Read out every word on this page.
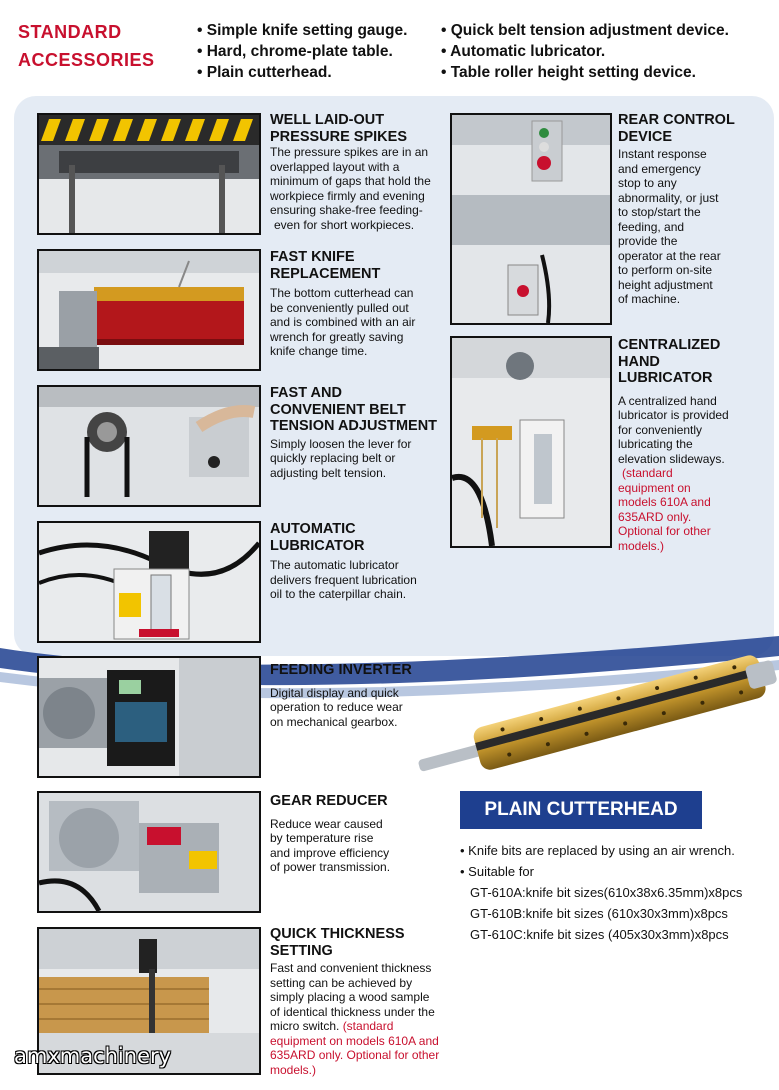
STANDARD
ACCESSORIES
• Simple knife setting gauge.
• Hard, chrome-plate table.
• Plain cutterhead.
• Quick belt tension adjustment device.
• Automatic lubricator.
• Table roller height setting device.
WELL LAID-OUT
PRESSURE SPIKES
The pressure spikes are in an
overlapped layout with a
minimum of gaps that hold the
workpiece firmly and evening
ensuring shake-free feeding-
even for short workpieces.
FAST KNIFE
REPLACEMENT
The bottom cutterhead can
be conveniently pulled out
and is combined with an air
wrench for greatly saving
knife change time.
FAST AND
CONVENIENT BELT
TENSION ADJUSTMENT
Simply loosen the lever for
quickly replacing belt or
adjusting belt tension.
AUTOMATIC
LUBRICATOR
The automatic lubricator
delivers frequent lubrication
oil to the caterpillar chain.
FEEDING INVERTER
Digital display and quick
operation to reduce wear
on mechanical gearbox.
GEAR REDUCER
Reduce wear caused
by temperature rise
and improve efficiency
of power transmission.
QUICK THICKNESS
SETTING
Fast and convenient thickness
setting can be achieved by
simply placing a wood sample
of identical thickness under the
micro switch. (standard
equipment on models 610A and
635ARD only. Optional for other
models.)
REAR CONTROL
DEVICE
Instant response
and emergency
stop to any
abnormality, or just
to stop/start the
feeding, and
provide the
operator at the rear
to perform on-site
height adjustment
of machine.
CENTRALIZED
HAND
LUBRICATOR
A centralized hand
lubricator is provided
for conveniently
lubricating the
elevation slideways.
(standard
equipment on
models 610A and
635ARD only.
Optional for other
models.)
PLAIN CUTTERHEAD
• Knife bits are replaced by using an air wrench.
• Suitable for
GT-610A:knife bit sizes(610x38x6.35mm)x8pcs
GT-610B:knife bit sizes (610x30x3mm)x8pcs
GT-610C:knife bit sizes (405x30x3mm)x8pcs
amxmachinery
